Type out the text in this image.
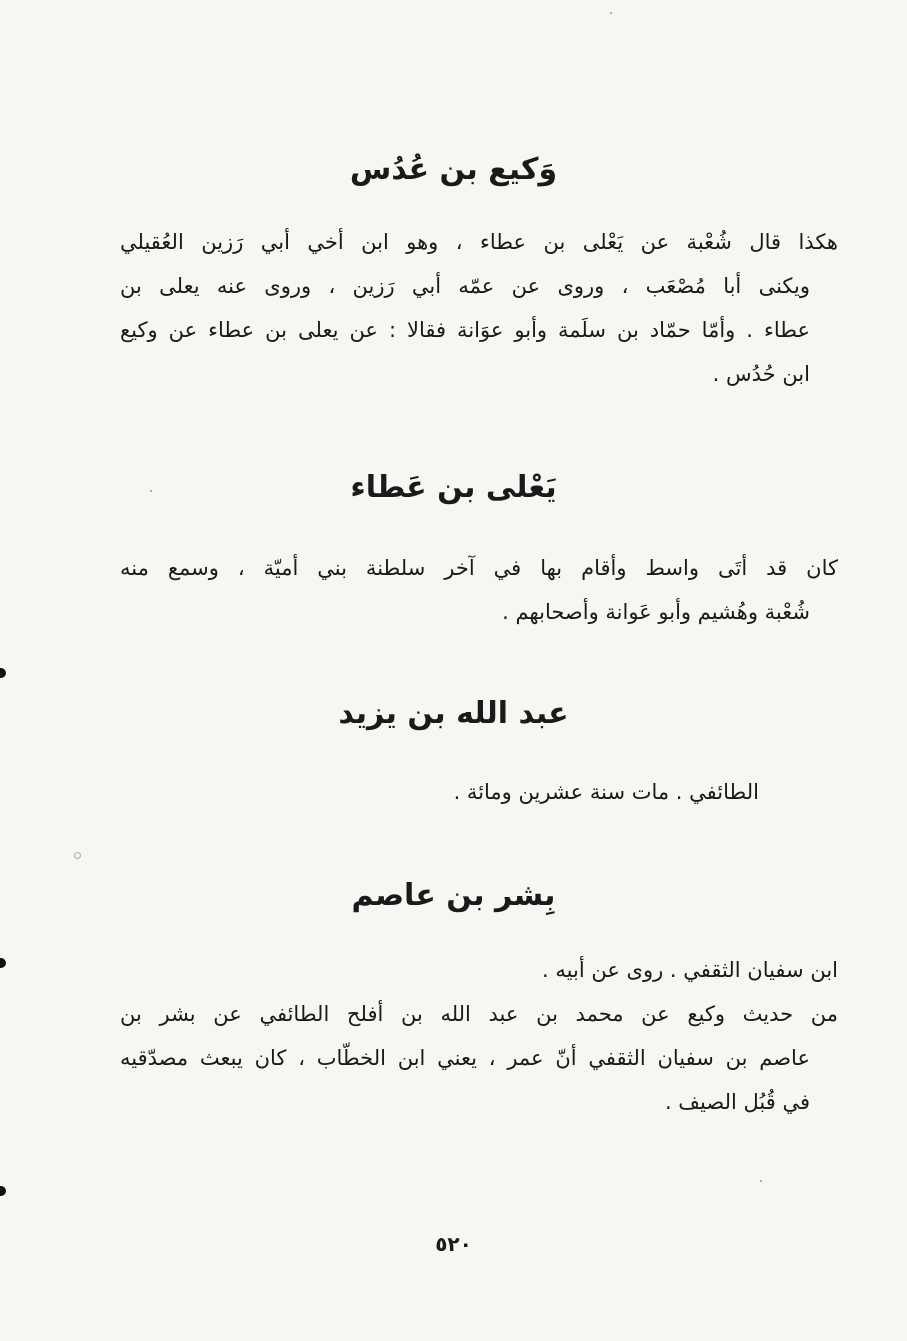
وَكيع بن عُدُس
هكذا قال شُعْبة عن يَعْلى بن عطاء ، وهو ابن أخي أبي رَزين العُقيلي
ويكنى أبا مُصْعَب ، وروى عن عمّه أبي رَزين ، وروى عنه يعلى بن
عطاء . وأمّا حمّاد بن سلَمة وأبو عوَانة فقالا : عن يعلى بن عطاء عن وكيع
ابن حُدُس .
يَعْلى بن عَطاء
كان قد أتَى واسط وأقام بها في آخر سلطنة بني أميّة ، وسمع منه
شُعْبة وهُشيم وأبو عَوانة وأصحابهم .
عبد الله بن يزيد
الطائفي . مات سنة عشرين ومائة .
بِشر بن عاصم
ابن سفيان الثقفي . روى عن أبيه .
من حديث وكيع عن محمد بن عبد الله بن أفلح الطائفي عن بشر بن
عاصم بن سفيان الثقفي أنّ عمر ، يعني ابن الخطّاب ، كان يبعث مصدّقيه
في قُبُل الصيف .
٥٢٠
